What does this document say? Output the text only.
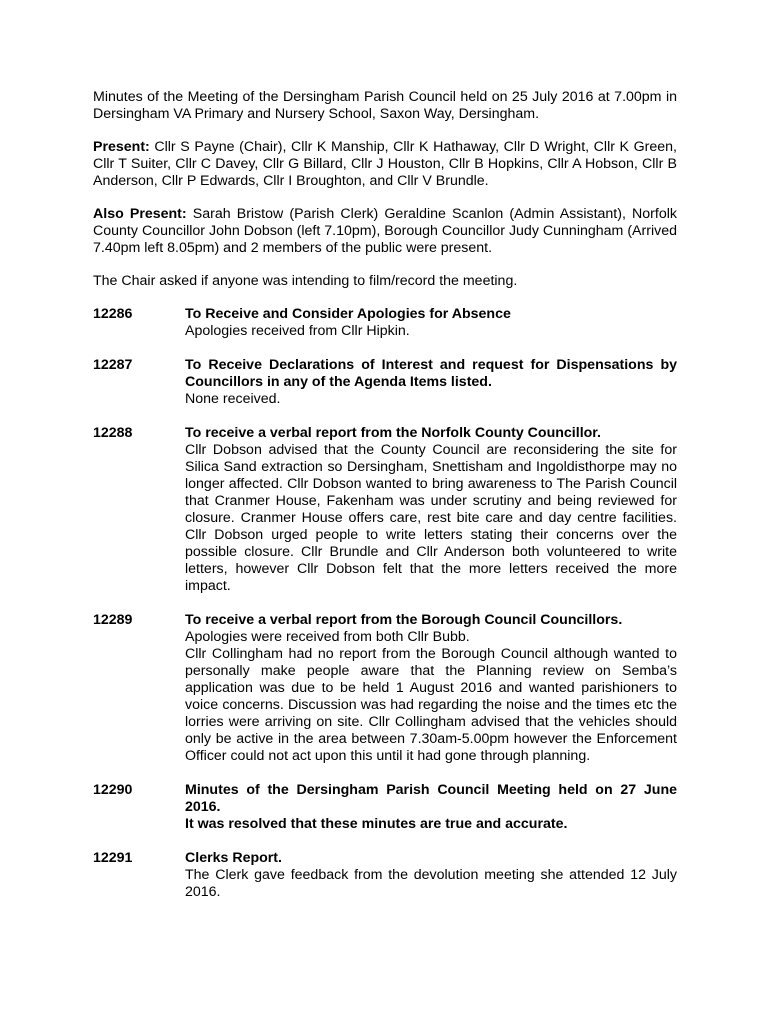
Minutes of the Meeting of the Dersingham Parish Council held on 25 July 2016 at 7.00pm in Dersingham VA Primary and Nursery School, Saxon Way, Dersingham.

Present: Cllr S Payne (Chair), Cllr K Manship, Cllr K Hathaway, Cllr D Wright, Cllr K Green, Cllr T Suiter, Cllr C Davey, Cllr G Billard, Cllr J Houston, Cllr B Hopkins, Cllr A Hobson, Cllr B Anderson, Cllr P Edwards, Cllr I Broughton, and Cllr V Brundle.

Also Present: Sarah Bristow (Parish Clerk) Geraldine Scanlon (Admin Assistant), Norfolk County Councillor John Dobson (left 7.10pm), Borough Councillor Judy Cunningham (Arrived 7.40pm left 8.05pm) and 2 members of the public were present.

The Chair asked if anyone was intending to film/record the meeting.

12286	To Receive and Consider Apologies for Absence
Apologies received from Cllr Hipkin.
12287	To Receive Declarations of Interest and request for Dispensations by Councillors in any of the Agenda Items listed.
None received.
12288	To receive a verbal report from the Norfolk County Councillor.
Cllr Dobson advised that the County Council are reconsidering the site for Silica Sand extraction so Dersingham, Snettisham and Ingoldisthorpe may no longer affected. Cllr Dobson wanted to bring awareness to The Parish Council that Cranmer House, Fakenham was under scrutiny and being reviewed for closure. Cranmer House offers care, rest bite care and day centre facilities. Cllr Dobson urged people to write letters stating their concerns over the possible closure. Cllr Brundle and Cllr Anderson both volunteered to write letters, however Cllr Dobson felt that the more letters received the more impact.
12289	To receive a verbal report from the Borough Council Councillors.
Apologies were received from both Cllr Bubb.
Cllr Collingham had no report from the Borough Council although wanted to personally make people aware that the Planning review on Semba’s application was due to be held 1 August 2016 and wanted parishioners to voice concerns. Discussion was had regarding the noise and the times etc the lorries were arriving on site. Cllr Collingham advised that the vehicles should only be active in the area between 7.30am-5.00pm however the Enforcement Officer could not act upon this until it had gone through planning.
12290	Minutes of the Dersingham Parish Council Meeting held on 27 June 2016.
It was resolved that these minutes are true and accurate.
12291	Clerks Report.
The Clerk gave feedback from the devolution meeting she attended 12 July 2016.
